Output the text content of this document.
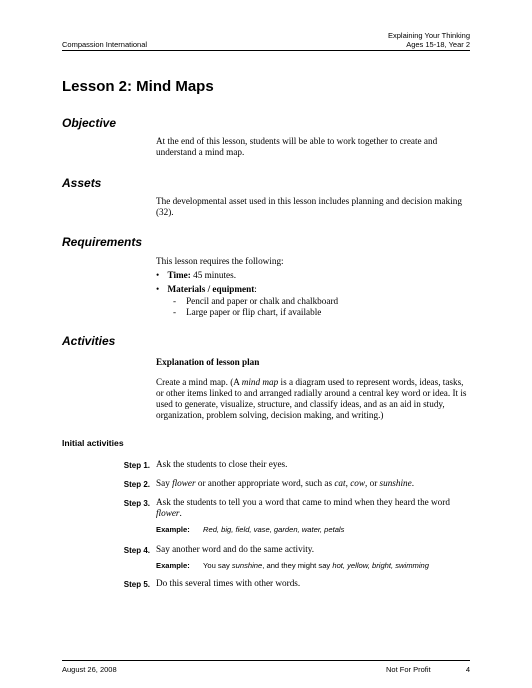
Compassion International
Explaining Your Thinking
Ages 15-18, Year 2
Lesson 2: Mind Maps
Objective
At the end of this lesson, students will be able to work together to create and understand a mind map.
Assets
The developmental asset used in this lesson includes planning and decision making (32).
Requirements
This lesson requires the following:
• Time: 45 minutes.
• Materials / equipment:
- Pencil and paper or chalk and chalkboard
- Large paper or flip chart, if available
Activities
Explanation of lesson plan
Create a mind map. (A mind map is a diagram used to represent words, ideas, tasks,
or other items linked to and arranged radially around a central key word or idea. It is
used to generate, visualize, structure, and classify ideas, and as an aid in study,
organization, problem solving, decision making, and writing.)
Initial activities
Step 1. Ask the students to close their eyes.
Step 2. Say flower or another appropriate word, such as cat, cow, or sunshine.
Step 3. Ask the students to tell you a word that came to mind when they heard the word
flower.
Example: Red, big, field, vase, garden, water, petals
Step 4. Say another word and do the same activity.
Example: You say sunshine, and they might say hot, yellow, bright, swimming
Step 5. Do this several times with other words.
August 26, 2008	Not For Profit	4
